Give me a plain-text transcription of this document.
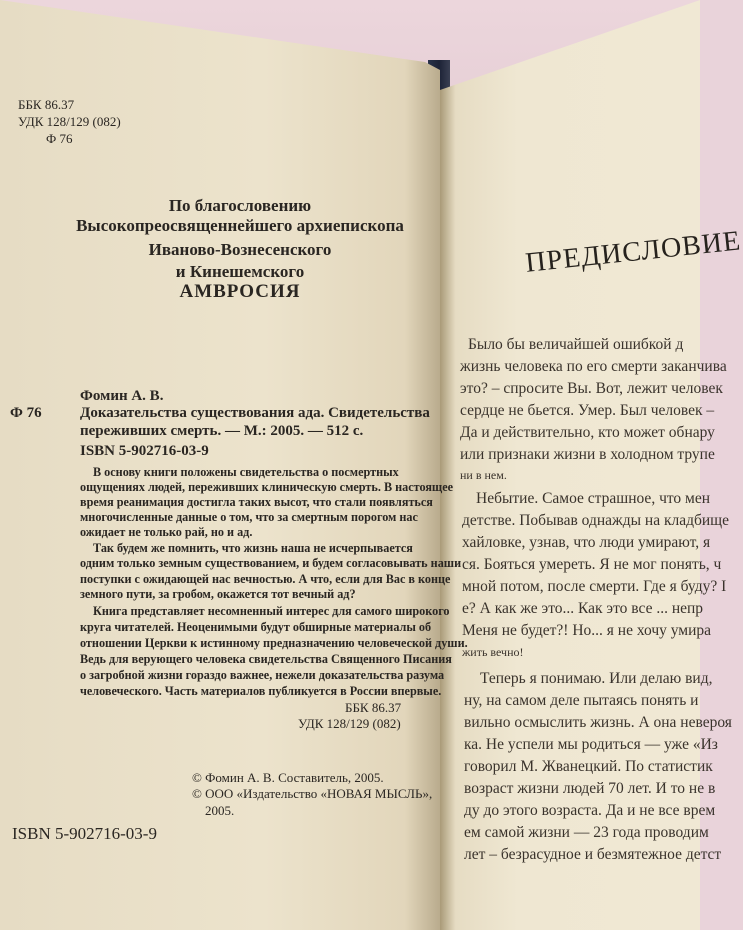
ББК 86.37
УДК 128/129 (082)
Ф 76
По благословению
Высокопреосвященнейшего архиепископа
Иваново-Вознесенского
и Кинешемского
АМВРОСИЯ
Фомин А. В.
Ф 76	Доказательства существования ада. Свидетельства
переживших смерть. — М.: 2005. — 512 с.
ISBN 5-902716-03-9
В основу книги положены свидетельства о посмертных
ощущениях людей, переживших клиническую смерть. В настоящее
время реанимация достигла таких высот, что стали появляться
многочисленные данные о том, что за смертным порогом нас
ожидает не только рай, но и ад.
Так будем же помнить, что жизнь наша не исчерпывается
одним только земным существованием, и будем согласовывать наши
поступки с ожидающей нас вечностью. А что, если для Вас в конце
земного пути, за гробом, окажется тот вечный ад?
Книга представляет несомненный интерес для самого широкого
круга читателей. Неоценимыми будут обширные материалы об
отношении Церкви к истинному предназначению человеческой души.
Ведь для верующего человека свидетельства Священного Писания
о загробной жизни гораздо важнее, нежели доказательства разума
человеческого. Часть материалов публикуется в России впервые.
ББК 86.37
УДК 128/129 (082)
© Фомин А. В. Составитель, 2005.
© ООО «Издательство «НОВАЯ МЫСЛЬ»,
2005.
ISBN 5-902716-03-9
ПРЕДИСЛОВИЕ
Было бы величайшей ошибкой д
жизнь человека по его смерти заканчива
это? – спросите Вы. Вот, лежит человек
сердце не бьется. Умер. Был человек –
Да и действительно, кто может обнару
или признаки жизни в холодном трупе
ни в нем.
Небытие. Самое страшное, что мен
детстве. Побывав однажды на кладбище
хайловке, узнав, что люди умирают, я
ся. Бояться умереть. Я не мог понять, ч
мной потом, после смерти. Где я буду? I
е? А как же это... Как это все ... непр
Меня не будет?! Но... я не хочу умира
жить вечно!
Теперь я понимаю. Или делаю вид,
ну, на самом деле пытаясь понять и
вильно осмыслить жизнь. А она невероя
ка. Не успели мы родиться — уже «Из
говорил М. Жванецкий. По статистик
возраст жизни людей 70 лет. И то не в
ду до этого возраста. Да и не все врем
ем самой жизни — 23 года проводим
лет – безрасудное и безмятежное детст
